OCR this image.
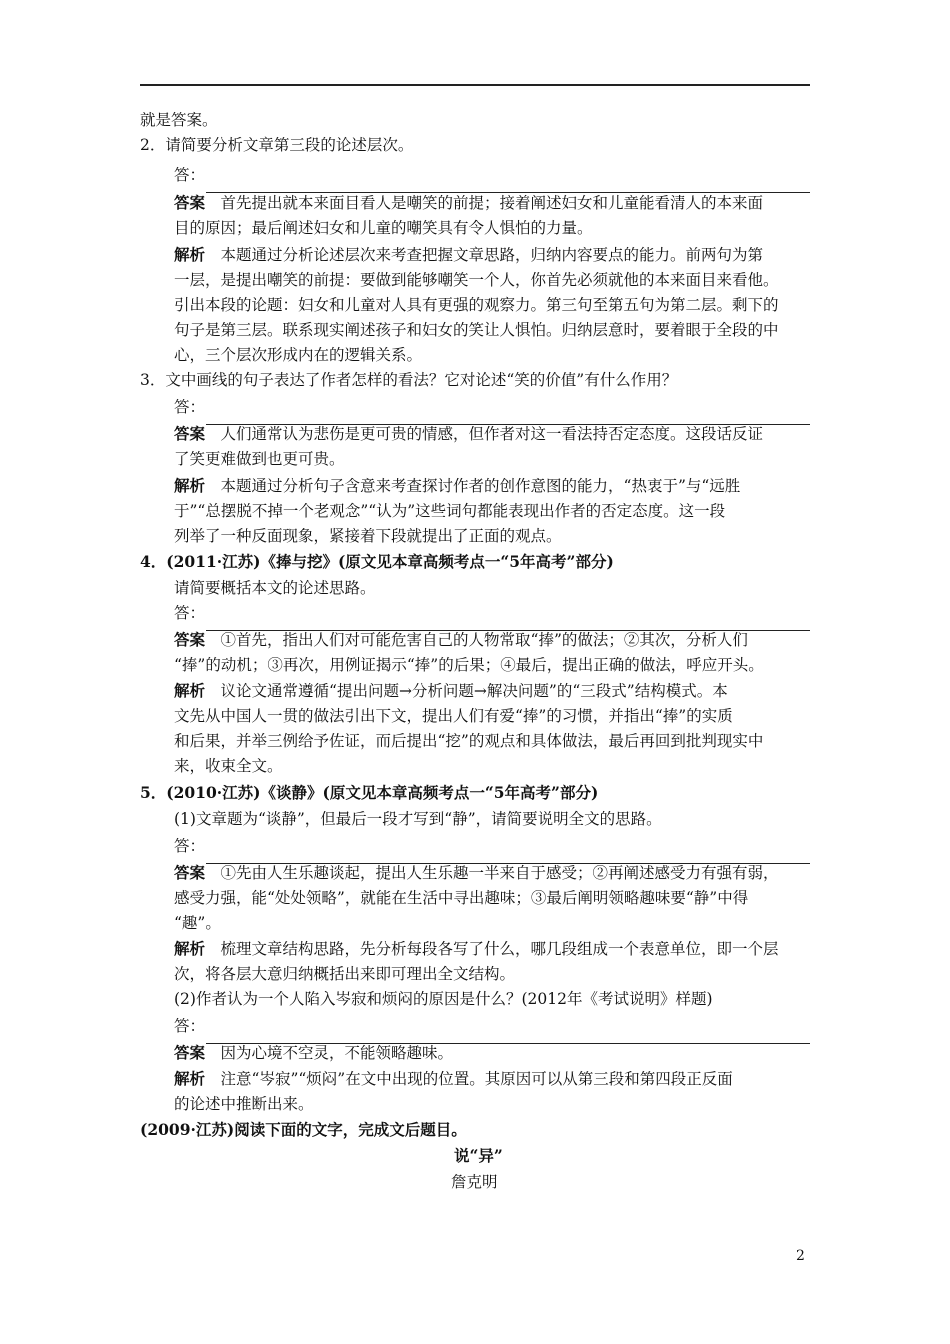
就是答案。
2．请简要分析文章第三段的论述层次。
答：
答案　首先提出就本来面目看人是嘲笑的前提；接着阐述妇女和儿童能看清人的本来面
目的原因；最后阐述妇女和儿童的嘲笑具有令人惧怕的力量。
解析　本题通过分析论述层次来考查把握文章思路，归纳内容要点的能力。前两句为第
一层，是提出嘲笑的前提：要做到能够嘲笑一个人，你首先必须就他的本来面目来看他。
引出本段的论题：妇女和儿童对人具有更强的观察力。第三句至第五句为第二层。剩下的
句子是第三层。联系现实阐述孩子和妇女的笑让人惧怕。归纳层意时，要着眼于全段的中
心，三个层次形成内在的逻辑关系。
3．文中画线的句子表达了作者怎样的看法？它对论述“笑的价值”有什么作用？
答：
答案　人们通常认为悲伤是更可贵的情感，但作者对这一看法持否定态度。这段话反证
了笑更难做到也更可贵。
解析　本题通过分析句子含意来考查探讨作者的创作意图的能力，“热衷于”与“远胜
于”“总摆脱不掉一个老观念”“认为”这些词句都能表现出作者的否定态度。这一段
列举了一种反面现象，紧接着下段就提出了正面的观点。
4．(2011·江苏)《捧与挖》(原文见本章高频考点一“5年高考”部分)
请简要概括本文的论述思路。
答：
答案　①首先，指出人们对可能危害自己的人物常取“捧”的做法；②其次，分析人们
“捧”的动机；③再次，用例证揭示“捧”的后果；④最后，提出正确的做法，呼应开头。
解析　议论文通常遵循“提出问题→分析问题→解决问题”的“三段式”结构模式。本
文先从中国人一贯的做法引出下文，提出人们有爱“捧”的习惯，并指出“捧”的实质
和后果，并举三例给予佐证，而后提出“挖”的观点和具体做法，最后再回到批判现实中
来，收束全文。
5．(2010·江苏)《谈静》(原文见本章高频考点一“5年高考”部分)
(1)文章题为“谈静”，但最后一段才写到“静”，请简要说明全文的思路。
答：
答案　①先由人生乐趣谈起，提出人生乐趣一半来自于感受；②再阐述感受力有强有弱，
感受力强，能“处处领略”，就能在生活中寻出趣味；③最后阐明领略趣味要“静”中得
“趣”。
解析　梳理文章结构思路，先分析每段各写了什么，哪几段组成一个表意单位，即一个层
次，将各层大意归纳概括出来即可理出全文结构。
(2)作者认为一个人陷入岑寂和烦闷的原因是什么？(2012年《考试说明》样题)
答：
答案　因为心境不空灵，不能领略趣味。
解析　注意“岑寂”“烦闷”在文中出现的位置。其原因可以从第三段和第四段正反面
的论述中推断出来。
(2009·江苏)阅读下面的文字，完成文后题目。
说“异”
詹克明
2
